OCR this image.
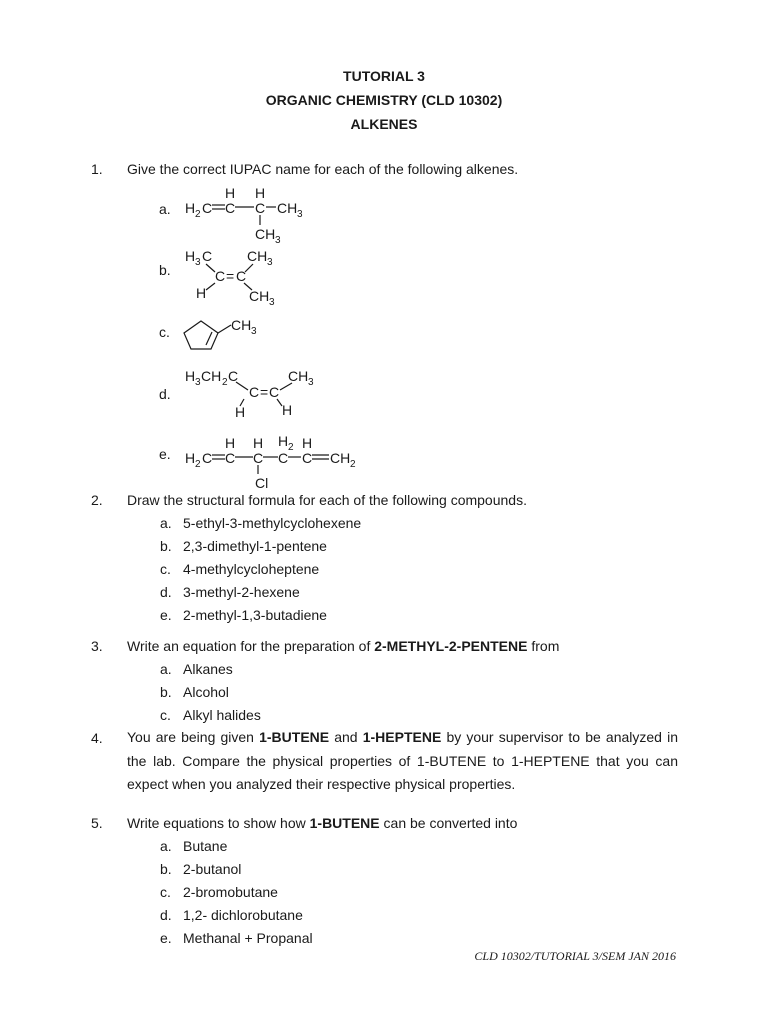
TUTORIAL 3
ORGANIC CHEMISTRY (CLD 10302)
ALKENES
1. Give the correct IUPAC name for each of the following alkenes.
a.
b.
c.
d.
e.
H 2 C C
H
C
H
CH 3
CH 3
H 3 C CH 3
C = C
H	CH 3
CH 3
H 3 CH 2 C	CH 3
C = C
H	H
H 2 C C
H
C
H
C
H 2
C
H
CH 2
Cl
2. Draw the structural formula for each of the following compounds.
a. 5-ethyl-3-methylcyclohexene
b. 2,3-dimethyl-1-pentene
c. 4-methylcycloheptene
d. 3-methyl-2-hexene
e. 2-methyl-1,3-butadiene
3. Write an equation for the preparation of 2-METHYL-2-PENTENE from
a. Alkanes
b. Alcohol
c. Alkyl halides
4. You are being given 1-BUTENE and 1-HEPTENE by your supervisor to be analyzed in the lab. Compare the physical properties of 1-BUTENE to 1-HEPTENE that you can expect when you analyzed their respective physical properties.
5. Write equations to show how 1-BUTENE can be converted into
a. Butane
b. 2-butanol
c. 2-bromobutane
d. 1,2- dichlorobutane
e. Methanal + Propanal
CLD 10302/TUTORIAL 3/SEM JAN 2016
